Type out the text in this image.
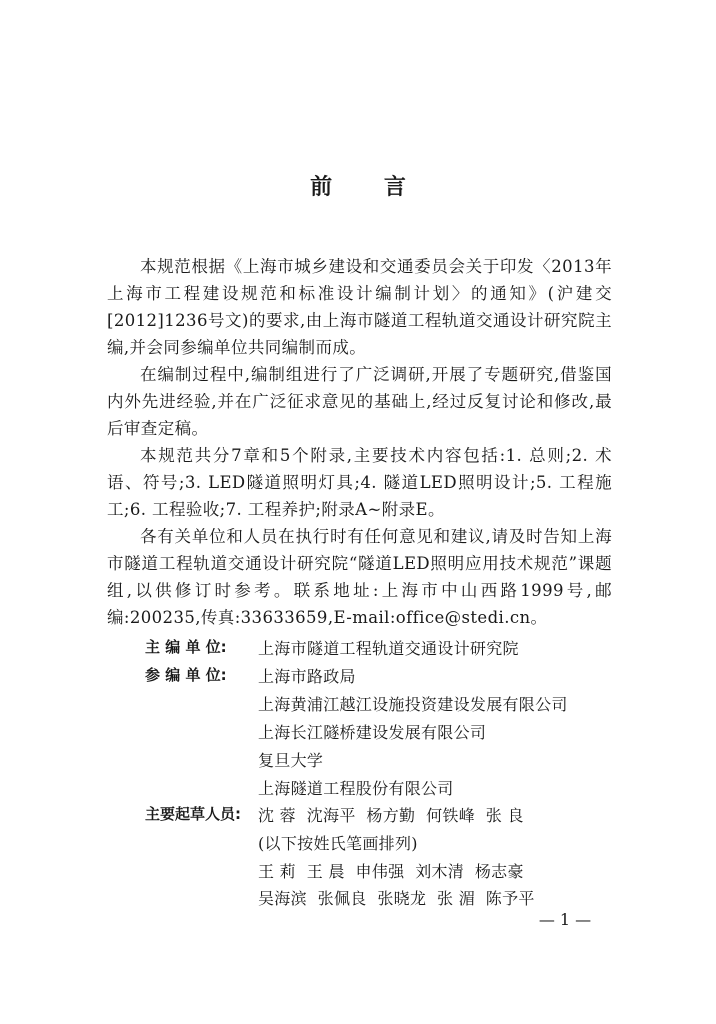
前 言

本规范根据《上海市城乡建设和交通委员会关于印发〈2013年上海市工程建设规范和标准设计编制计划〉的通知》(沪建交[2012]1236号文)的要求,由上海市隧道工程轨道交通设计研究院主编,并会同参编单位共同编制而成。

在编制过程中,编制组进行了广泛调研,开展了专题研究,借鉴国内外先进经验,并在广泛征求意见的基础上,经过反复讨论和修改,最后审查定稿。

本规范共分7章和5个附录,主要技术内容包括:1. 总则;2. 术语、符号;3. LED隧道照明灯具;4. 隧道LED照明设计;5. 工程施工;6. 工程验收;7. 工程养护;附录A~附录E。

各有关单位和人员在执行时有任何意见和建议,请及时告知上海市隧道工程轨道交通设计研究院“隧道LED照明应用技术规范”课题组,以供修订时参考。联系地址:上海市中山西路1999号,邮编:200235,传真:33633659,E-mail:office@stedi.cn。

主 编 单 位:	上海市隧道工程轨道交通设计研究院
参 编 单 位:	上海市路政局
上海黄浦江越江设施投资建设发展有限公司
上海长江隧桥建设发展有限公司
复旦大学
上海隧道工程股份有限公司
主要起草人员:	沈 蓉  沈海平  杨方勤  何铁峰  张 良
(以下按姓氏笔画排列)
王 莉  王 晨  申伟强  刘木清  杨志豪
吴海滨  张佩良  张晓龙  张 湄  陈予平
— 1 —
